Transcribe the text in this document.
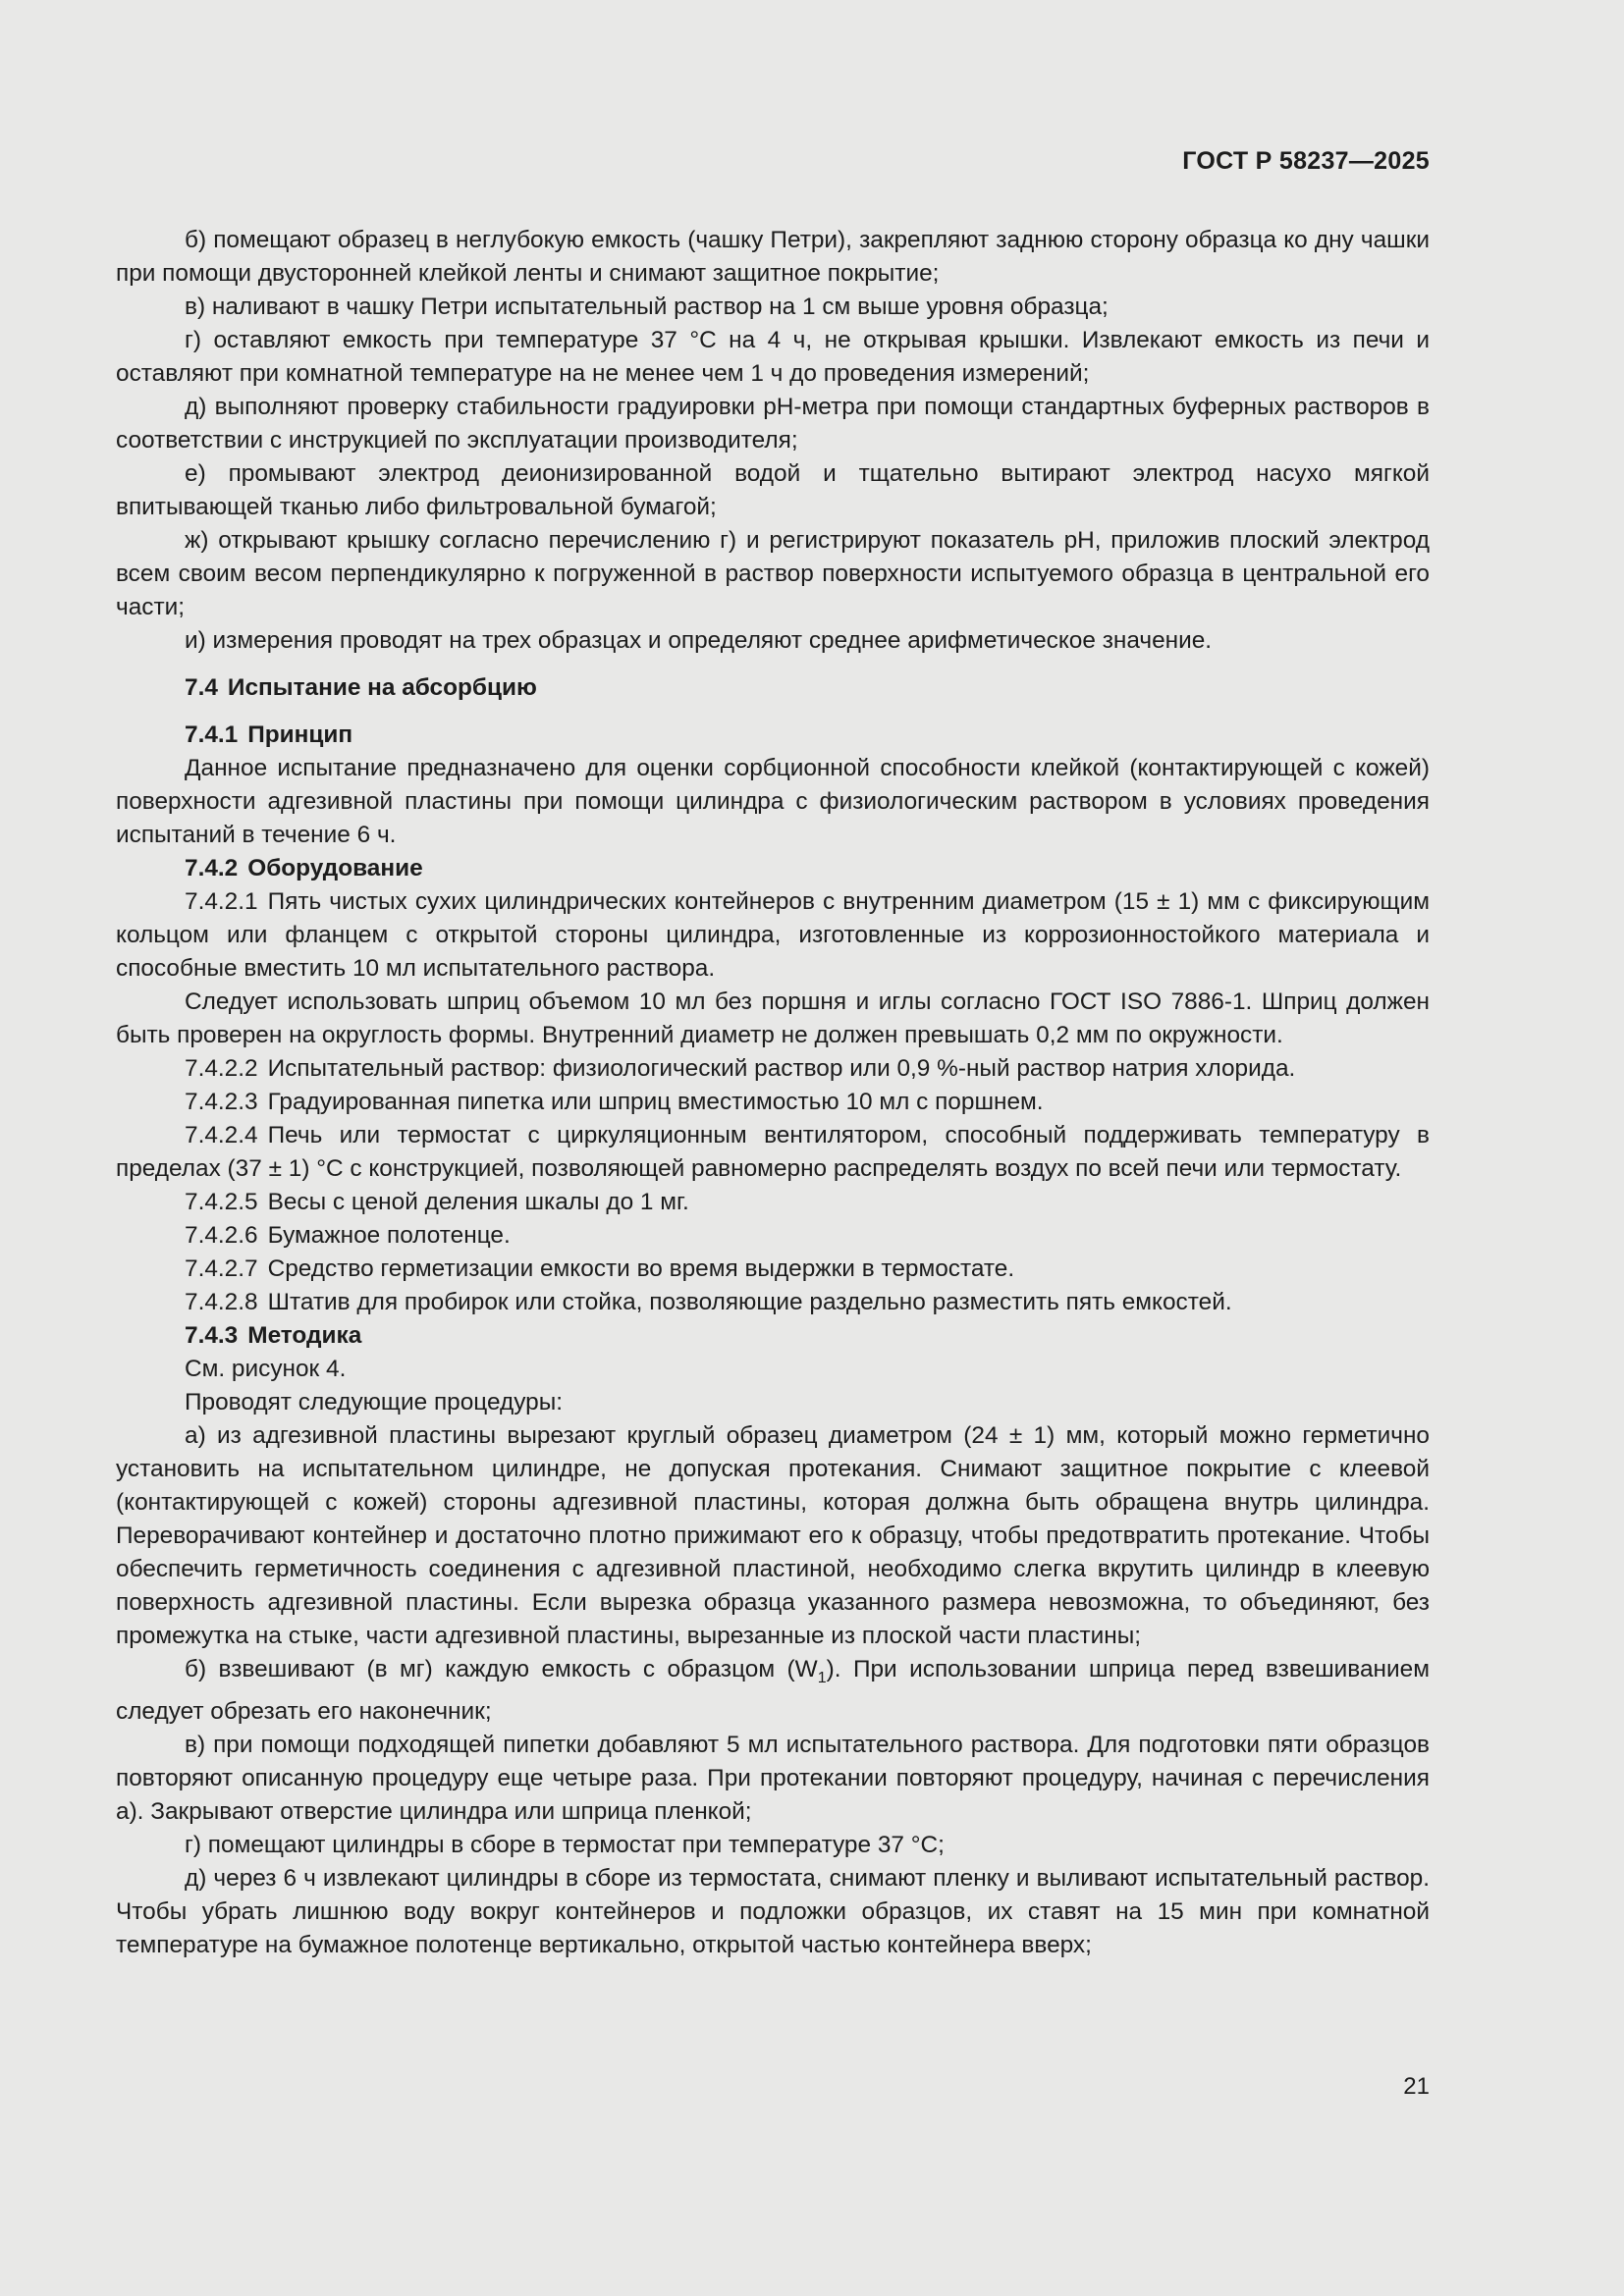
ГОСТ Р 58237—2025

б) помещают образец в неглубокую емкость (чашку Петри), закрепляют заднюю сторону образца ко дну чашки при помощи двусторонней клейкой ленты и снимают защитное покрытие;

в) наливают в чашку Петри испытательный раствор на 1 см выше уровня образца;

г) оставляют емкость при температуре 37 °С на 4 ч, не открывая крышки. Извлекают емкость из печи и оставляют при комнатной температуре на не менее чем 1 ч до проведения измерений;

д) выполняют проверку стабильности градуировки рН-метра при помощи стандартных буферных растворов в соответствии с инструкцией по эксплуатации производителя;

е) промывают электрод деионизированной водой и тщательно вытирают электрод насухо мягкой впитывающей тканью либо фильтровальной бумагой;

ж) открывают крышку согласно перечислению г) и регистрируют показатель рН, приложив плоский электрод всем своим весом перпендикулярно к погруженной в раствор поверхности испытуемого образца в центральной его части;

и) измерения проводят на трех образцах и определяют среднее арифметическое значение.

7.4 Испытание на абсорбцию

7.4.1 Принцип

Данное испытание предназначено для оценки сорбционной способности клейкой (контактирующей с кожей) поверхности адгезивной пластины при помощи цилиндра с физиологическим раствором в условиях проведения испытаний в течение 6 ч.

7.4.2 Оборудование

7.4.2.1 Пять чистых сухих цилиндрических контейнеров с внутренним диаметром (15 ± 1) мм с фиксирующим кольцом или фланцем с открытой стороны цилиндра, изготовленные из коррозионностойкого материала и способные вместить 10 мл испытательного раствора.

Следует использовать шприц объемом 10 мл без поршня и иглы согласно ГОСТ ISO 7886-1. Шприц должен быть проверен на округлость формы. Внутренний диаметр не должен превышать 0,2 мм по окружности.

7.4.2.2 Испытательный раствор: физиологический раствор или 0,9 %-ный раствор натрия хлорида.

7.4.2.3 Градуированная пипетка или шприц вместимостью 10 мл с поршнем.

7.4.2.4 Печь или термостат с циркуляционным вентилятором, способный поддерживать температуру в пределах (37 ± 1) °С с конструкцией, позволяющей равномерно распределять воздух по всей печи или термостату.

7.4.2.5 Весы с ценой деления шкалы до 1 мг.

7.4.2.6 Бумажное полотенце.

7.4.2.7 Средство герметизации емкости во время выдержки в термостате.

7.4.2.8 Штатив для пробирок или стойка, позволяющие раздельно разместить пять емкостей.

7.4.3 Методика

См. рисунок 4.

Проводят следующие процедуры:

а) из адгезивной пластины вырезают круглый образец диаметром (24 ± 1) мм, который можно герметично установить на испытательном цилиндре, не допуская протекания. Снимают защитное покрытие с клеевой (контактирующей с кожей) стороны адгезивной пластины, которая должна быть обращена внутрь цилиндра. Переворачивают контейнер и достаточно плотно прижимают его к образцу, чтобы предотвратить протекание. Чтобы обеспечить герметичность соединения с адгезивной пластиной, необходимо слегка вкрутить цилиндр в клеевую поверхность адгезивной пластины. Если вырезка образца указанного размера невозможна, то объединяют, без промежутка на стыке, части адгезивной пластины, вырезанные из плоской части пластины;

б) взвешивают (в мг) каждую емкость с образцом $(W_1)$. При использовании шприца перед взвешиванием следует обрезать его наконечник;

в) при помощи подходящей пипетки добавляют 5 мл испытательного раствора. Для подготовки пяти образцов повторяют описанную процедуру еще четыре раза. При протекании повторяют процедуру, начиная с перечисления а). Закрывают отверстие цилиндра или шприца пленкой;

г) помещают цилиндры в сборе в термостат при температуре 37 °С;

д) через 6 ч извлекают цилиндры в сборе из термостата, снимают пленку и выливают испытательный раствор. Чтобы убрать лишнюю воду вокруг контейнеров и подложки образцов, их ставят на 15 мин при комнатной температуре на бумажное полотенце вертикально, открытой частью контейнера вверх;

21
